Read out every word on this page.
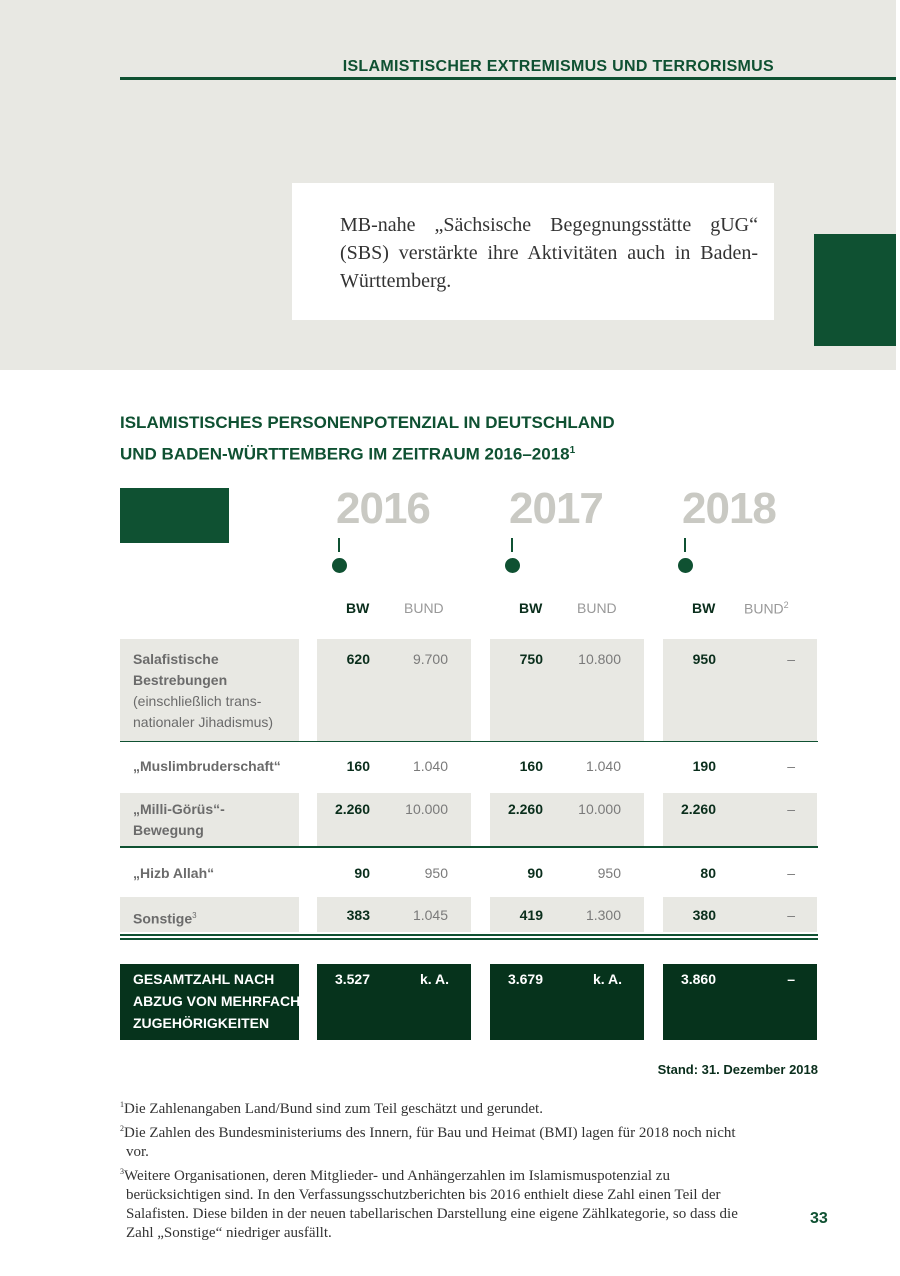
ISLAMISTISCHER EXTREMISMUS UND TERRORISMUS
MB-nahe „Sächsische Begegnungsstätte gUG“ (SBS) verstärkte ihre Aktivitäten auch in Baden-Württemberg.
ISLAMISTISCHES PERSONENPOTENZIAL IN DEUTSCHLAND
UND BADEN-WÜRTTEMBERG IM ZEITRAUM 2016–2018$^1$
2016 2017 2018
BW BUND	BW BUND	BW BUND$^2$
Salafistische Bestrebungen
(einschließlich trans-nationaler Jihadismus)
620	9.700	750	10.800	950	–
„Muslimbruderschaft“	160	1.040	160	1.040	190	–
„Milli-Görüs“-Bewegung
2.260	10.000	2.260	10.000	2.260	–
„Hizb Allah“	90	950	90	950	80	–
Sonstige$^3$	383	1.045	419	1.300	380	–
GESAMTZAHL NACH
ABZUG VON MEHRFACH-
ZUGEHÖRIGKEITEN
3.527	k. A.	3.679	k. A.	3.860	–
Stand: 31. Dezember 2018

$^1$Die Zahlenangaben Land/Bund sind zum Teil geschätzt und gerundet.

$^2$Die Zahlen des Bundesministeriums des Innern, für Bau und Heimat (BMI) lagen für 2018 noch nicht vor.

$^3$Weitere Organisationen, deren Mitglieder- und Anhängerzahlen im Islamismuspotenzial zu berücksichtigen sind. In den Verfassungsschutzberichten bis 2016 enthielt diese Zahl einen Teil der Salafisten. Diese bilden in der neuen tabellarischen Darstellung eine eigene Zählkategorie, so dass die Zahl „Sonstige“ niedriger ausfällt.

33
